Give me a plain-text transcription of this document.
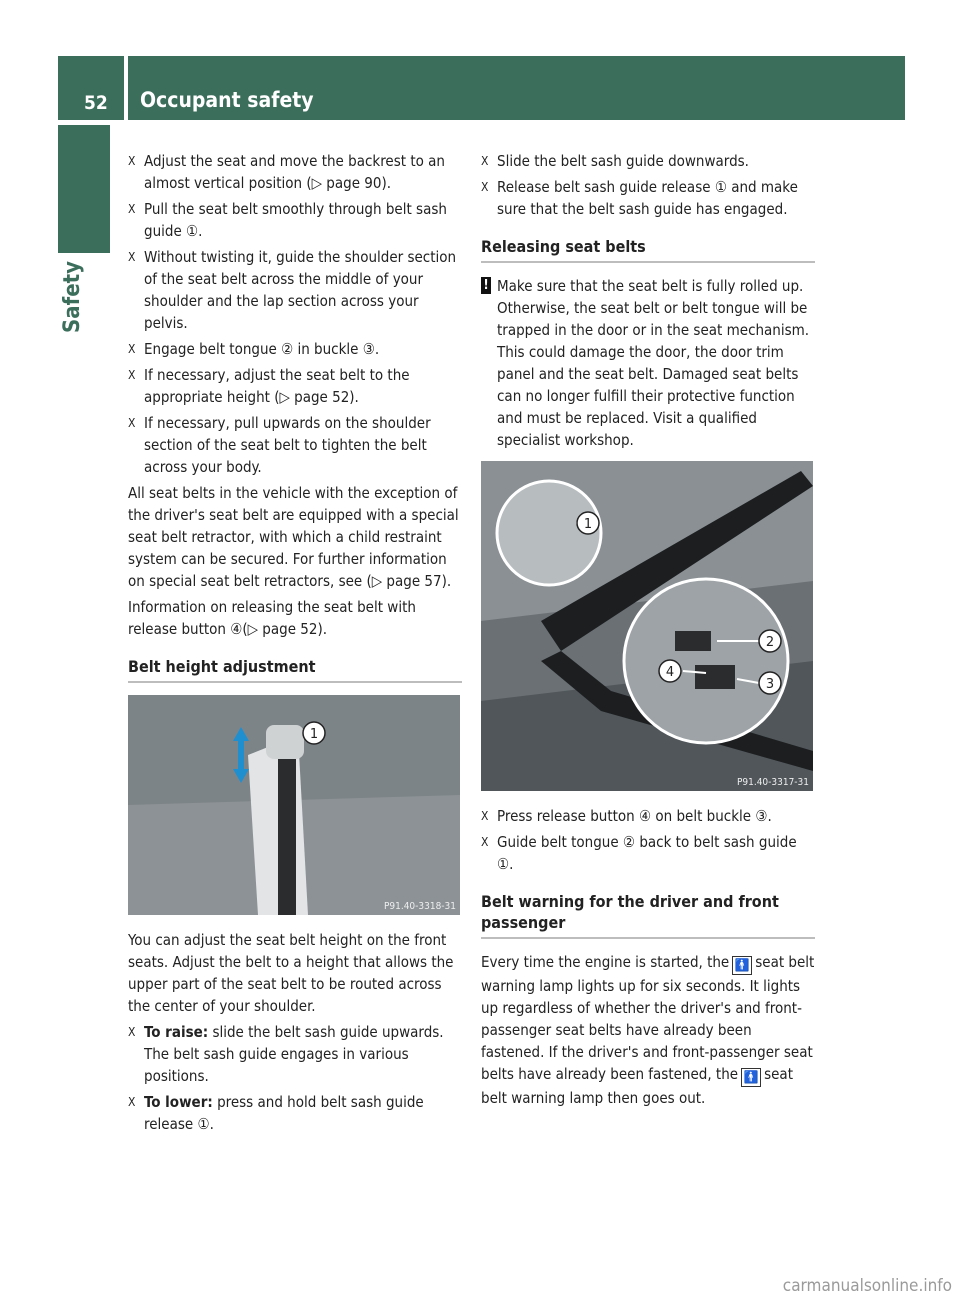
52 Occupant safety
Safety
X Adjust the seat and move the backrest to an almost vertical position (▷ page 90).
X Pull the seat belt smoothly through belt sash guide ①.
X Without twisting it, guide the shoulder section of the seat belt across the middle of your shoulder and the lap section across your pelvis.
X Engage belt tongue ② in buckle ③.
X If necessary, adjust the seat belt to the appropriate height (▷ page 52).
X If necessary, pull upwards on the shoulder section of the seat belt to tighten the belt across your body.
All seat belts in the vehicle with the exception of the driver's seat belt are equipped with a special seat belt retractor, with which a child restraint system can be secured. For further information on special seat belt retractors, see (▷ page 57).
Information on releasing the seat belt with release button ④(▷ page 52).
Belt height adjustment
1
P91.40-3318-31
You can adjust the seat belt height on the front seats. Adjust the belt to a height that allows the upper part of the seat belt to be routed across the center of your shoulder.
X To raise: slide the belt sash guide upwards. The belt sash guide engages in various positions.
X To lower: press and hold belt sash guide release ①.
X Slide the belt sash guide downwards.
X Release belt sash guide release ① and make sure that the belt sash guide has engaged.
Releasing seat belts
! Make sure that the seat belt is fully rolled up. Otherwise, the seat belt or belt tongue will be trapped in the door or in the seat mechanism. This could damage the door, the door trim panel and the seat belt. Damaged seat belts can no longer fulfill their protective function and must be replaced. Visit a qualified specialist workshop.
1
2
3
4
P91.40-3317-31
X Press release button ④ on belt buckle ③.
X Guide belt tongue ② back to belt sash guide ①.
Belt warning for the driver and front passenger
Every time the engine is started, the 🚹 seat belt warning lamp lights up for six seconds. It lights up regardless of whether the driver's and front-passenger seat belts have already been fastened. If the driver's and front-passenger seat belts have already been fastened, the 🚹 seat belt warning lamp then goes out.
carmanualsonline.info
